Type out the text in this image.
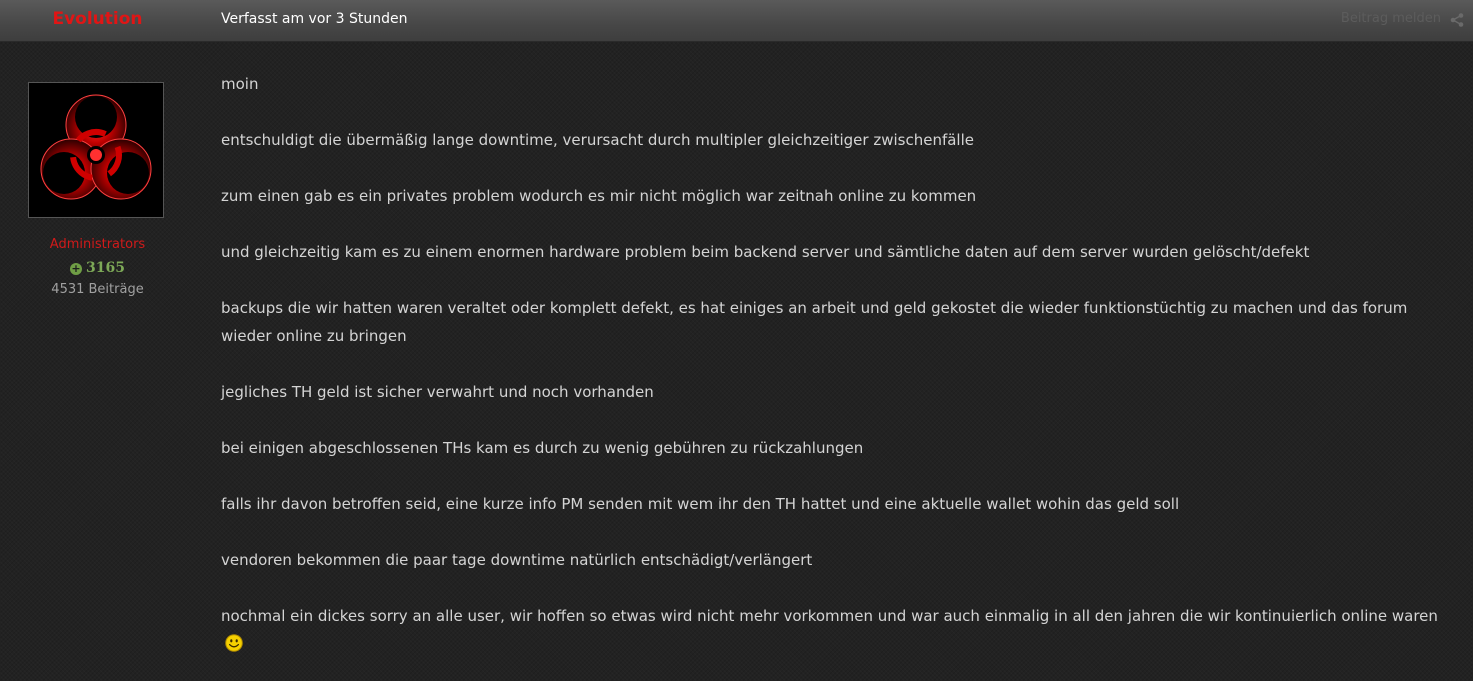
Evolution	Verfasst am vor 3 Stunden	Beitrag melden
Administrators
+ 3165
4531 Beiträge

moin

entschuldigt die übermäßig lange downtime, verursacht durch multipler gleichzeitiger zwischenfälle

zum einen gab es ein privates problem wodurch es mir nicht möglich war zeitnah online zu kommen

und gleichzeitig kam es zu einem enormen hardware problem beim backend server und sämtliche daten auf dem server wurden gelöscht/defekt

backups die wir hatten waren veraltet oder komplett defekt, es hat einiges an arbeit und geld gekostet die wieder funktionstüchtig zu machen und das forum wieder online zu bringen

jegliches TH geld ist sicher verwahrt und noch vorhanden

bei einigen abgeschlossenen THs kam es durch zu wenig gebühren zu rückzahlungen

falls ihr davon betroffen seid, eine kurze info PM senden mit wem ihr den TH hattet und eine aktuelle wallet wohin das geld soll

vendoren bekommen die paar tage downtime natürlich entschädigt/verlängert

nochmal ein dickes sorry an alle user, wir hoffen so etwas wird nicht mehr vorkommen und war auch einmalig in all den jahren die wir kontinuierlich online waren
